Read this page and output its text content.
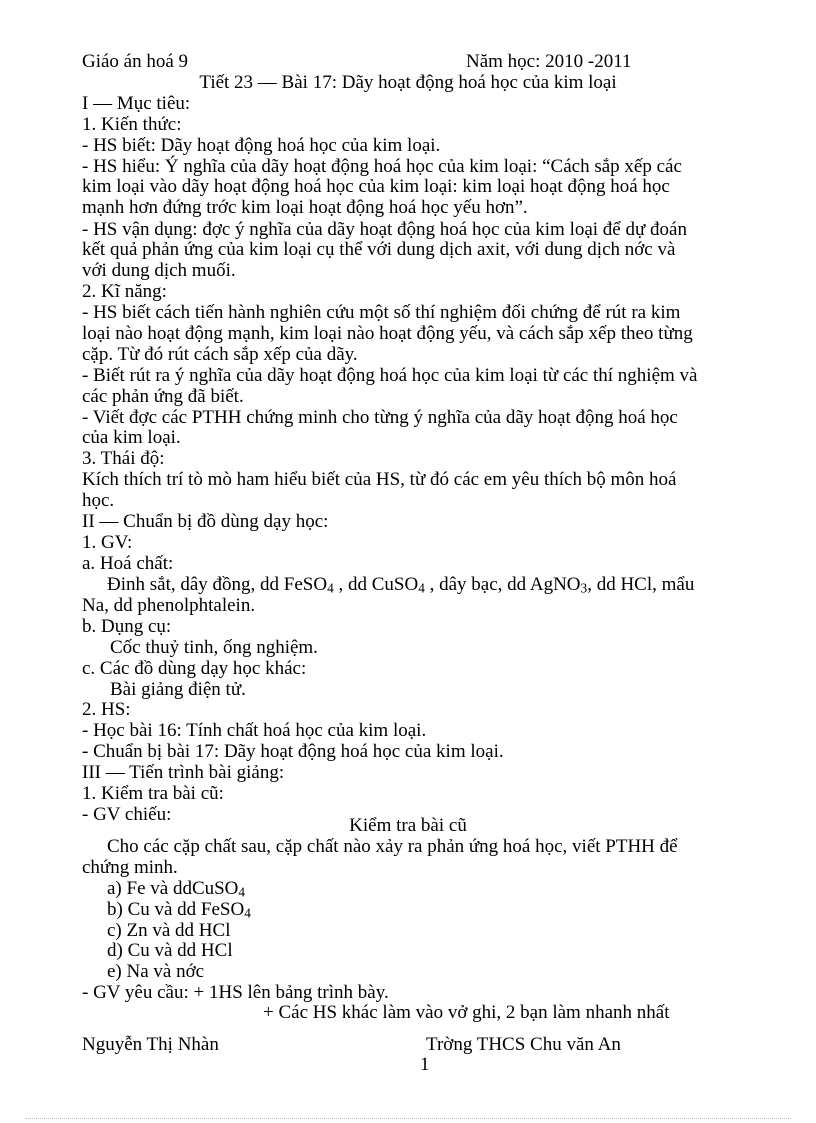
Giáo án hoá 9	Năm học: 2010 -2011
Tiết 23 — Bài 17: Dãy hoạt động hoá học của kim loại
I — Mục tiêu:
1. Kiến thức:
- HS biết: Dãy hoạt động hoá học của kim loại.
- HS hiểu: Ý nghĩa của dãy hoạt động hoá học của kim loại: “Cách sắp xếp các
kim loại vào dãy hoạt động hoá học của kim loại: kim loại hoạt động hoá học
mạnh hơn đứng trớc kim loại hoạt động hoá học yếu hơn”.
- HS vận dụng: đợc ý nghĩa của dãy hoạt động hoá học của kim loại để dự đoán
kết quả phản ứng của kim loại cụ thể với dung dịch axit, với dung dịch nớc và
với dung dịch muối.
2. Kĩ năng:
- HS biết cách tiến hành nghiên cứu một số thí nghiệm đối chứng để rút ra kim
loại nào hoạt động mạnh, kim loại nào hoạt động yếu, và cách sắp xếp theo từng
cặp. Từ đó rút cách sắp xếp của dãy.
- Biết rút ra ý nghĩa của dãy hoạt động hoá học của kim loại từ các thí nghiệm và
các phản ứng đã biết.
- Viết đợc các PTHH chứng minh cho từng ý nghĩa của dãy hoạt động hoá học
của kim loại.
3. Thái độ:
Kích thích trí tò mò ham hiểu biết của HS, từ đó các em yêu thích bộ môn hoá
học.
II — Chuẩn bị đồ dùng dạy học:
1. GV:
a. Hoá chất:
Đinh sắt, dây đồng, dd FeSO$_4$ , dd CuSO$_4$ , dây bạc, dd AgNO$_3$, dd HCl, mẩu
Na, dd phenolphtalein.
b. Dụng cụ:
Cốc thuỷ tinh, ống nghiệm.
c. Các đồ dùng dạy học khác:
Bài giảng điện tử.
2. HS:
- Học bài 16: Tính chất hoá học của kim loại.
- Chuẩn bị bài 17: Dãy hoạt động hoá học của kim loại.
III — Tiến trình bài giảng:
1. Kiểm tra bài cũ:
- GV chiếu:
Kiểm tra bài cũ
Cho các cặp chất sau, cặp chất nào xảy ra phản ứng hoá học, viết PTHH để
chứng minh.
a) Fe và ddCuSO$_4$
b) Cu và dd FeSO$_4$
c) Zn và dd HCl
d) Cu và dd HCl
e) Na và nớc
- GV yêu cầu: + 1HS lên bảng trình bày.
+ Các HS khác làm vào vở ghi, 2 bạn làm nhanh nhất
Nguyễn Thị Nhàn	Trờng THCS Chu văn An
1
